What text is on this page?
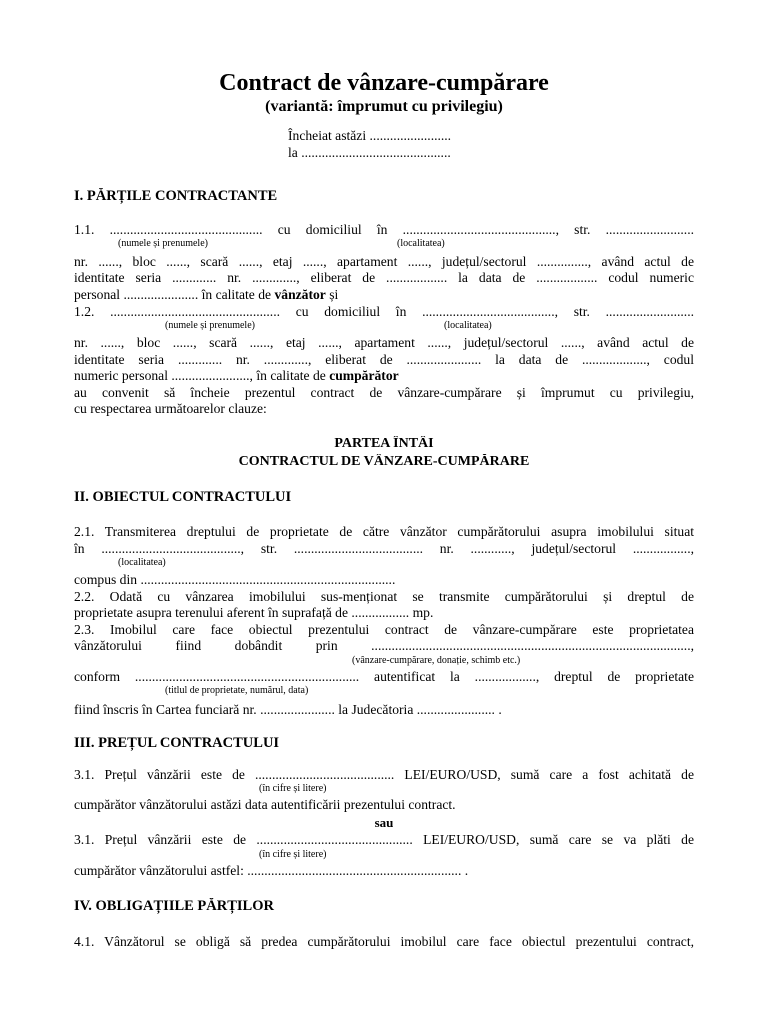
Contract de vânzare-cumpărare
(variantă: împrumut cu privilegiu)
Încheiat astăzi ........................
la ............................................
I. PĂRȚILE CONTRACTANTE
1.1. ............................................. cu domiciliul în ............................................., str. ..........................
(numele și prenumele)	(localitatea)
nr. ......, bloc ......, scară ......, etaj ......, apartament ......, județul/sectorul ..............., având actul de
identitate seria ............. nr. ............., eliberat de .................. la data de .................. codul numeric
personal ...................... în calitate de vânzător și
1.2. .................................................. cu domiciliul în ......................................., str. ..........................
(numele și prenumele)	(localitatea)
nr. ......, bloc ......, scară ......, etaj ......, apartament ......, județul/sectorul ......, având actul de
identitate seria ............. nr. ............., eliberat de ...................... la data de ..................., codul
numeric personal ......................., în calitate de cumpărător
au convenit să încheie prezentul contract de vânzare-cumpărare și împrumut cu privilegiu,
cu respectarea următoarelor clauze:
PARTEA ÎNTÂI
CONTRACTUL DE VÂNZARE-CUMPĂRARE
II. OBIECTUL CONTRACTULUI
2.1. Transmiterea dreptului de proprietate de către vânzător cumpărătorului asupra imobilului situat
în ........................................., str. ...................................... nr. ............, județul/sectorul .................,
(localitatea)
compus din ...........................................................................
2.2. Odată cu vânzarea imobilului sus-menționat se transmite cumpărătorului și dreptul de
proprietate asupra terenului aferent în suprafață de ................. mp.
2.3. Imobilul care face obiectul prezentului contract de vânzare-cumpărare este proprietatea
vânzătorului fiind dobândit prin ..............................................................................................,
(vânzare-cumpărare, donație, schimb etc.)
conform .................................................................. autentificat la .................., dreptul de proprietate
(titlul de proprietate, numărul, data)
fiind înscris în Cartea funciară nr. ...................... la Judecătoria ....................... .
III. PREȚUL CONTRACTULUI
3.1. Prețul vânzării este de ......................................... LEI/EURO/USD, sumă care a fost achitată de
(în cifre și litere)
cumpărător vânzătorului astăzi data autentificării prezentului contract.
sau
3.1. Prețul vânzării este de .............................................. LEI/EURO/USD, sumă care se va plăti de
(în cifre și litere)
cumpărător vânzătorului astfel: ............................................................... .
IV. OBLIGAȚIILE PĂRȚILOR
4.1. Vânzătorul se obligă să predea cumpărătorului imobilul care face obiectul prezentului contract,
